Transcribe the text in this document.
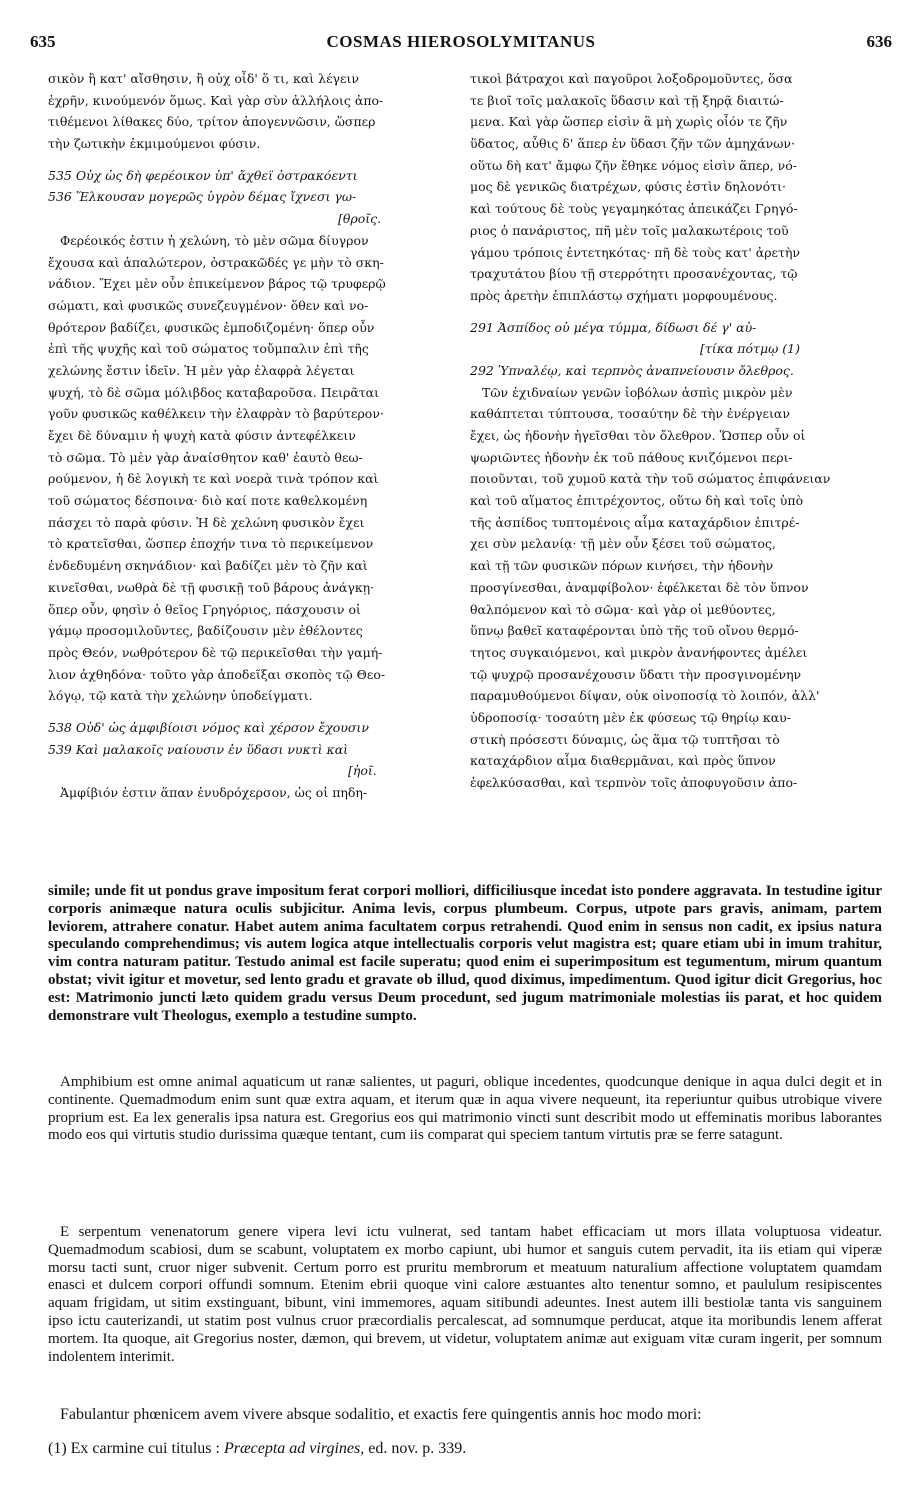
635	COSMAS HIEROSOLYMITANUS	636
σικὸν ἢ κατ' αἴσθησιν, ἢ οὐχ οἶδ' ὅ τι, καὶ λέγειν
ἐχρῆν, κινούμενόν ὅμως. Καὶ γὰρ σὺν ἀλλήλοις ἀπο-
τιθέμενοι λίθακες δύο, τρίτον ἀπογεννῶσιν, ὥσπερ
τὴν ζωτικὴν ἐκμιμούμενοι φύσιν.
535 Οὐχ ὡς δὴ φερέοικον ὑπ' ἄχθεϊ ὀστρακόεντι
536 Ἕλκουσαν μογερῶς ὑγρὸν δέμας ἴχνεσι γω-
[θροῖς.
Φερέοικός ἐστιν ἡ χελώνη, τὸ μὲν σῶμα δίυγρον
ἔχουσα καὶ ἁπαλώτερον, ὀστρακῶδές γε μὴν τὸ σκη-
νάδιον. Ἔχει μὲν οὖν ἐπικείμενον βάρος τῷ τρυφερῷ
σώματι, καὶ φυσικῶς συνεζευγμένον· ὅθεν καὶ νο-
θρότερον βαδίζει, φυσικῶς ἐμποδιζομένη· ὅπερ οὖν
ἐπὶ τῆς ψυχῆς καὶ τοῦ σώματος τοὔμπαλιν ἐπὶ τῆς
χελώνης ἔστιν ἰδεῖν. Ἡ μὲν γὰρ ἐλαφρὰ λέγεται
ψυχή, τὸ δὲ σῶμα μόλιβδος καταβαροῦσα. Πειρᾶται
γοῦν φυσικῶς καθέλκειν τὴν ἐλαφρὰν τὸ βαρύτερον·
ἔχει δὲ δύναμιν ἡ ψυχὴ κατὰ φύσιν ἀντεφέλκειν
τὸ σῶμα. Τὸ μὲν γὰρ ἀναίσθητον καθ' ἑαυτὸ θεω-
ρούμενον, ἡ δὲ λογικὴ τε καὶ νοερὰ τινὰ τρόπον καὶ
τοῦ σώματος δέσποινα· διὸ καί ποτε καθελκομένη
πάσχει τὸ παρὰ φύσιν. Ἡ δὲ χελώνη φυσικὸν ἔχει
τὸ κρατεῖσθαι, ὥσπερ ἐποχήν τινα τὸ περικείμενον
ἐνδεδυμένη σκηνάδιον· καὶ βαδίζει μὲν τὸ ζῆν καὶ
κινεῖσθαι, νωθρὰ δὲ τῇ φυσικῇ τοῦ βάρους ἀνάγκῃ·
ὅπερ οὖν, φησὶν ὁ θεῖος Γρηγόριος, πάσχουσιν οἱ
γάμῳ προσομιλοῦντες, βαδίζουσιν μὲν ἐθέλοντες
πρὸς Θεόν, νωθρότερον δὲ τῷ περικεῖσθαι τὴν γαμή-
λιον ἀχθηδόνα· τοῦτο γὰρ ἀποδεῖξαι σκοπὸς τῷ Θεο-
λόγῳ, τῷ κατὰ τὴν χελώνην ὑποδείγματι.
538 Οὐδ' ὡς ἀμφιβίοισι νόμος καὶ χέρσον ἔχουσιν
539 Καὶ μαλακοῖς ναίουσιν ἐν ὕδασι νυκτὶ καὶ
[ἠοῖ.
Ἀμφίβιόν ἐστιν ἅπαν ἐνυδρόχερσον, ὡς οἱ πηδη-
τικοὶ βάτραχοι καὶ παγοῦροι λοξοδρομοῦντες, ὅσα
τε βιοῖ τοῖς μαλακοῖς ὕδασιν καὶ τῇ ξηρᾷ διαιτώ-
μενα. Καὶ γὰρ ὥσπερ εἰσὶν ἃ μὴ χωρὶς οἷόν τε ζῆν
ὕδατος, αὖθις δ' ἅπερ ἐν ὕδασι ζῆν τῶν ἀμηχάνων·
οὕτω δὴ κατ' ἄμφω ζῆν ἔθηκε νόμος εἰσὶν ἅπερ, νό-
μος δὲ γενικῶς διατρέχων, φύσις ἐστὶν δηλονότι·
καὶ τούτους δὲ τοὺς γεγαμηκότας ἀπεικάζει Γρηγό-
ριος ὁ πανάριστος, πῆ μὲν τοῖς μαλακωτέροις τοῦ
γάμου τρόποις ἐντετηκότας· πῆ δὲ τοὺς κατ' ἀρετὴν
τραχυτάτου βίου τῇ στερρότητι προσανέχοντας, τῷ
πρὸς ἀρετὴν ἐπιπλάστῳ σχήματι μορφουμένους.
291 Ἀσπίδος οὐ μέγα τύμμα, δίδωσι δέ γ' αὐ-
[τίκα πότμῳ (1)
292 Ὑπναλέῳ, καὶ τερπνὸς ἀναπνείουσιν ὄλεθρος.
Τῶν ἐχιδναίων γενῶν ἰοβόλων ἀσπὶς μικρὸν μὲν
καθάπτεται τύπτουσα, τοσαύτην δὲ τὴν ἐνέργειαν
ἔχει, ὡς ἡδονὴν ἡγεῖσθαι τὸν ὄλεθρον. Ὥσπερ οὖν οἱ
ψωριῶντες ἡδονὴν ἐκ τοῦ πάθους κνιζόμενοι περι-
ποιοῦνται, τοῦ χυμοῦ κατὰ τὴν τοῦ σώματος ἐπιφάνειαν
καὶ τοῦ αἵματος ἐπιτρέχοντος, οὕτω δὴ καὶ τοῖς ὑπὸ
τῆς ἀσπίδος τυπτομένοις αἷμα καταχάρδιον ἐπιτρέ-
χει σὺν μελανίᾳ· τῇ μὲν οὖν ξέσει τοῦ σώματος,
καὶ τῇ τῶν φυσικῶν πόρων κινήσει, τὴν ἡδονὴν
προσγίνεσθαι, ἀναμφίβολον· ἐφέλκεται δὲ τὸν ὕπνον
θαλπόμενον καὶ τὸ σῶμα· καὶ γὰρ οἱ μεθύοντες,
ὕπνῳ βαθεῖ καταφέρονται ὑπὸ τῆς τοῦ οἴνου θερμό-
τητος συγκαιόμενοι, καὶ μικρὸν ἀνανήφοντες ἀμέλει
τῷ ψυχρῷ προσανέχουσιν ὕδατι τὴν προσγινομένην
παραμυθούμενοι δίψαν, οὐκ οἰνοποσίᾳ τὸ λοιπόν, ἀλλ'
ὑδροποσίᾳ· τοσαύτη μὲν ἐκ φύσεως τῷ θηρίῳ καυ-
στικὴ πρόσεστι δύναμις, ὡς ἅμα τῷ τυπτῆσαι τὸ
καταχάρδιον αἷμα διαθερμᾶναι, καὶ πρὸς ὕπνον
ἐφελκύσασθαι, καὶ τερπνὸν τοῖς ἀποφυγοῦσιν ἀπο-

simile; unde fit ut pondus grave impositum ferat corpori molliori, difficiliusque incedat isto pondere aggravata. In testudine igitur corporis animæque natura oculis subjicitur. Anima levis, corpus plumbeum. Corpus, utpote pars gravis, animam, partem leviorem, attrahere conatur. Habet autem anima facultatem corpus retrahendi. Quod enim in sensus non cadit, ex ipsius natura speculando comprehendimus; vis autem logica atque intellectualis corporis velut magistra est; quare etiam ubi in imum trahitur, vim contra naturam patitur. Testudo animal est facile superatu; quod enim ei superimpositum est tegumentum, mirum quantum obstat; vivit igitur et movetur, sed lento gradu et gravate ob illud, quod diximus, impedimentum. Quod igitur dicit Gregorius, hoc est: Matrimonio juncti læto quidem gradu versus Deum procedunt, sed jugum matrimoniale molestias iis parat, et hoc quidem demonstrare vult Theologus, exemplo a testudine sumpto.

Amphibium est omne animal aquaticum ut ranæ salientes, ut paguri, oblique incedentes, quodcunque denique in aqua dulci degit et in continente. Quemadmodum enim sunt quæ extra aquam, et iterum quæ in aqua vivere nequeunt, ita reperiuntur quibus utrobique vivere proprium est. Ea lex generalis ipsa natura est. Gregorius eos qui matrimonio vincti sunt describit modo ut effeminatis moribus laborantes modo eos qui virtutis studio durissima quæque tentant, cum iis comparat qui speciem tantum virtutis præ se ferre satagunt.

E serpentum venenatorum genere vipera levi ictu vulnerat, sed tantam habet efficaciam ut mors illata voluptuosa videatur. Quemadmodum scabiosi, dum se scabunt, voluptatem ex morbo capiunt, ubi humor et sanguis cutem pervadit, ita iis etiam qui viperæ morsu tacti sunt, cruor niger subvenit. Certum porro est pruritu membrorum et meatuum naturalium affectione voluptatem quamdam enasci et dulcem corpori offundi somnum. Etenim ebrii quoque vini calore æstuantes alto tenentur somno, et paululum resipiscentes aquam frigidam, ut sitim exstinguant, bibunt, vini immemores, aquam sitibundi adeuntes. Inest autem illi bestiolæ tanta vis sanguinem ipso ictu cauterizandi, ut statim post vulnus cruor præcordialis percalescat, ad somnumque perducat, atque ita moribundis lenem afferat mortem. Ita quoque, ait Gregorius noster, dæmon, qui brevem, ut videtur, voluptatem animæ aut exiguam vitæ curam ingerit, per somnum indolentem interimit.

Fabulantur phœnicem avem vivere absque sodalitio, et exactis fere quingentis annis hoc modo mori:

(1) Ex carmine cui titulus : Præcepta ad virgines, ed. nov. p. 339.
